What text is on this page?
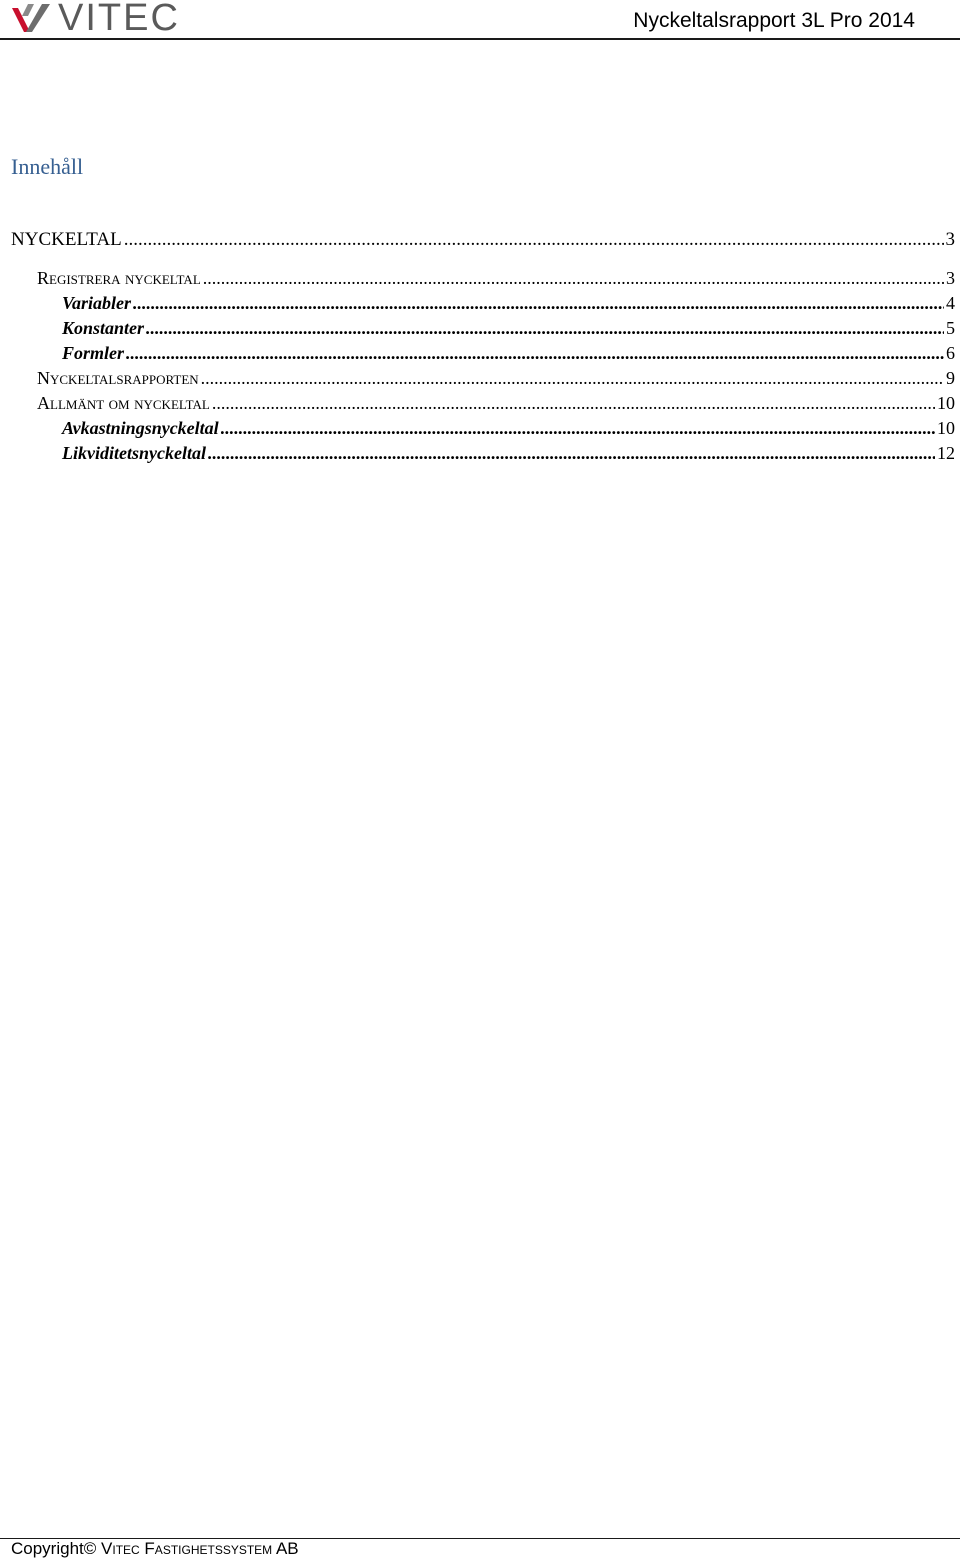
VITEC	Nyckeltalsrapport 3L Pro 2014
Innehåll
NYCKELTAL .....	3
Registrera nyckeltal .....	3
Variabler .....	4
Konstanter .....	5
Formler .....	6
Nyckeltalsrapporten .....	9
Allmänt om nyckeltal .....	10
Avkastningsnyckeltal .....	10
Likviditetsnyckeltal .....	12
Copyright© Vitec Fastighetssystem AB
